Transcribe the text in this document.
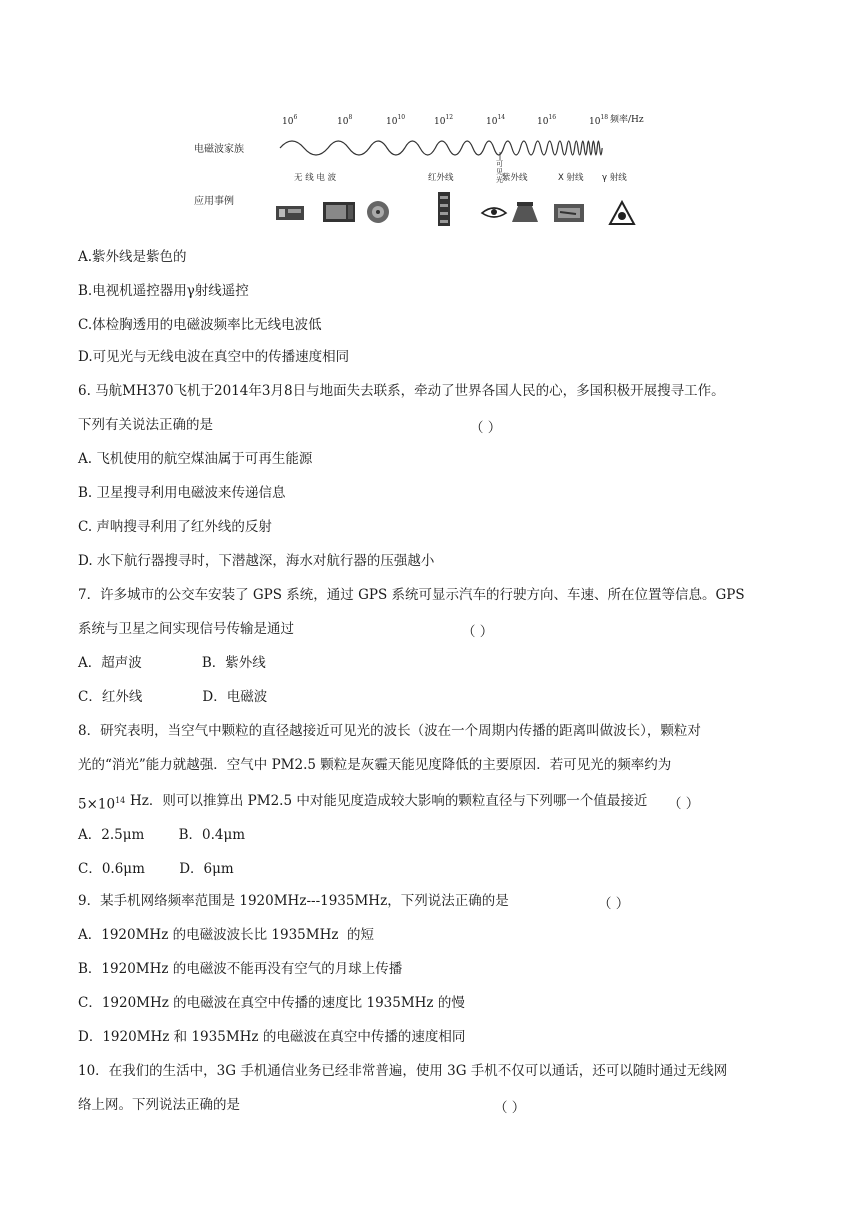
$10^6$	$10^8$	$10^{10}$	$10^{12}$	$10^{14}$	$10^{16}$	$10^{18}$ 频率/Hz
电磁波家族
应用事例
无 线 电 波	红外线	紫外线	X 射线 γ 射线
可
见
光
A.紫外线是紫色的
B.电视机遥控器用γ射线遥控
C.体检胸透用的电磁波频率比无线电波低
D.可见光与无线电波在真空中的传播速度相同
6. 马航MH370飞机于2014年3月8日与地面失去联系，牵动了世界各国人民的心，多国积极开展搜寻工作。
下列有关说法正确的是
A. 飞机使用的航空煤油属于可再生能源
B. 卫星搜寻利用电磁波来传递信息
C. 声呐搜寻利用了红外线的反射
D. 水下航行器搜寻时，下潜越深，海水对航行器的压强越小
7．许多城市的公交车安装了 GPS 系统，通过 GPS 系统可显示汽车的行驶方向、车速、所在位置等信息。GPS
系统与卫星之间实现信号传输是通过
A．超声波              B．紫外线
C．红外线              D．电磁波
8．研究表明，当空气中颗粒的直径越接近可见光的波长（波在一个周期内传播的距离叫做波长），颗粒对
光的“消光”能力就越强．空气中 PM2.5 颗粒是灰霾天能见度降低的主要原因．若可见光的频率约为
$5\times 10^{14}$ Hz．则可以推算出 PM2.5 中对能见度造成较大影响的颗粒直径与下列哪一个值最接近
A．2.5μm        B．0.4μm
C．0.6μm        D．6μm
9．某手机网络频率范围是 1920MHz---1935MHz，下列说法正确的是
A．1920MHz 的电磁波波长比 1935MHz  的短
B．1920MHz 的电磁波不能再没有空气的月球上传播
C．1920MHz 的电磁波在真空中传播的速度比 1935MHz 的慢
D．1920MHz 和 1935MHz 的电磁波在真空中传播的速度相同
10．在我们的生活中，3G 手机通信业务已经非常普遍，使用 3G 手机不仅可以通话，还可以随时通过无线网
络上网。下列说法正确的是
（ ）
（ ）
（ ）
（ ）
（ ）
